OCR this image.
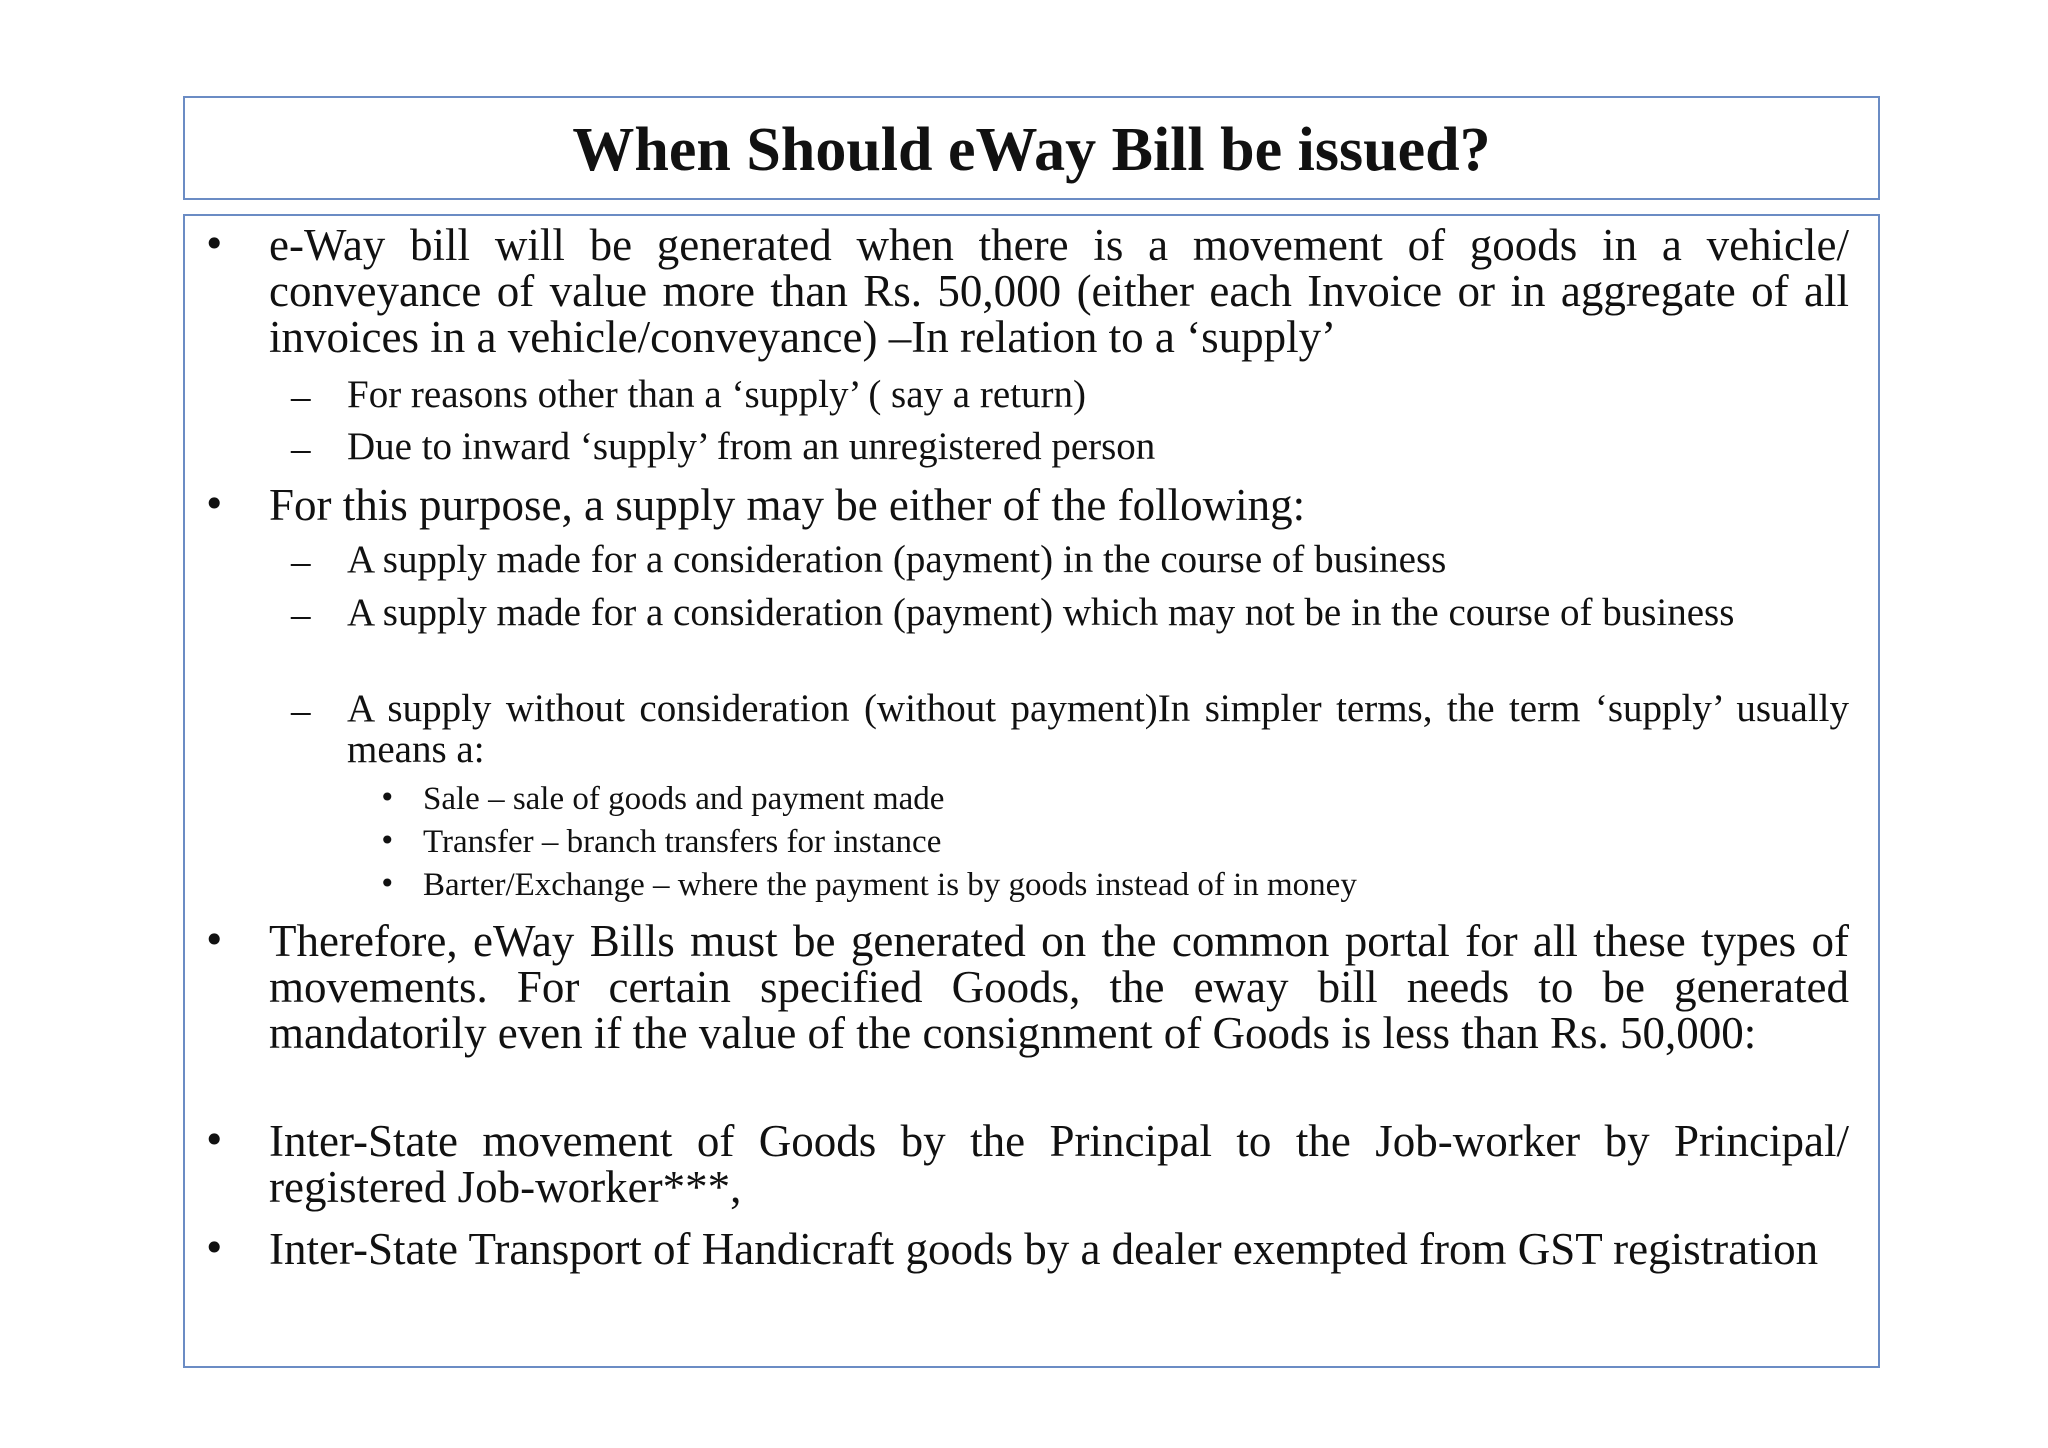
When Should eWay Bill be issued?
• e-Way bill will be generated when there is a movement of goods in a vehicle/ conveyance of value more than Rs. 50,000 (either each Invoice or in aggregate of all invoices in a vehicle/conveyance) –In relation to a ‘supply’
– For reasons other than a ‘supply’ ( say a return)
– Due to inward ‘supply’ from an unregistered person
• For this purpose, a supply may be either of the following:
– A supply made for a consideration (payment) in the course of business
– A supply made for a consideration (payment) which may not be in the course of business
– A supply without consideration (without payment)In simpler terms, the term ‘supply’ usually means a:
• Sale – sale of goods and payment made
• Transfer – branch transfers for instance
• Barter/Exchange – where the payment is by goods instead of in money
• Therefore, eWay Bills must be generated on the common portal for all these types of movements. For certain specified Goods, the eway bill needs to be generated mandatorily even if the value of the consignment of Goods is less than Rs. 50,000:
• Inter-State movement of Goods by the Principal to the Job-worker by Principal/ registered Job-worker***,
• Inter-State Transport of Handicraft goods by a dealer exempted from GST registration
